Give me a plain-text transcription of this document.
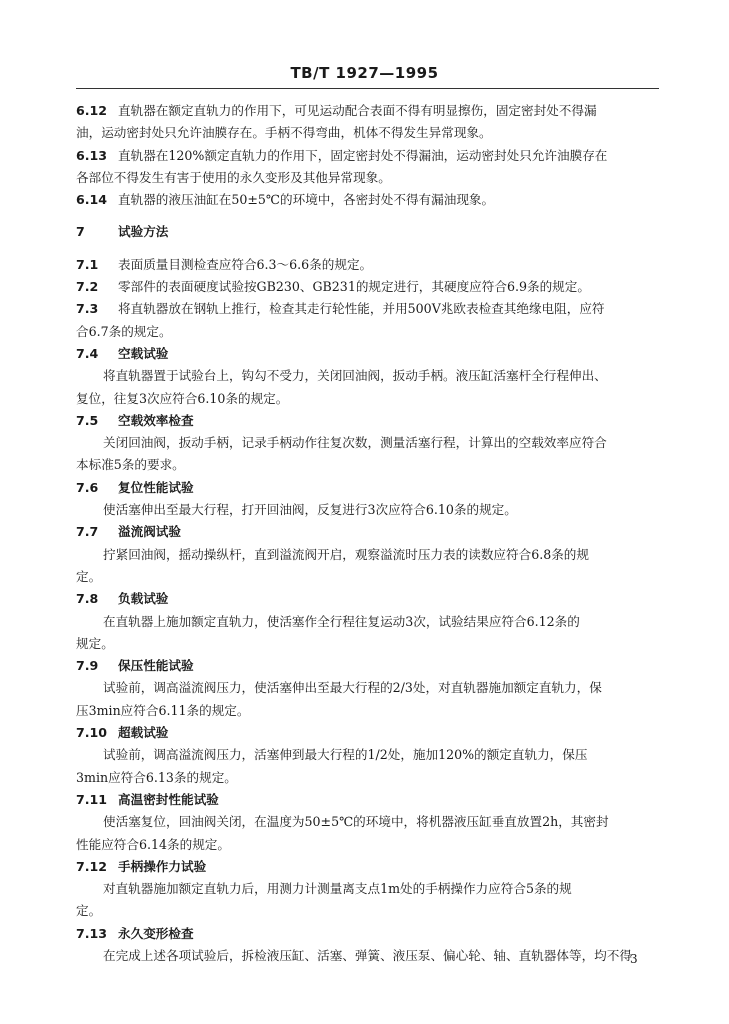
TB/T 1927—1995
6.12 直轨器在额定直轨力的作用下，可见运动配合表面不得有明显擦伤，固定密封处不得漏
油，运动密封处只允许油膜存在。手柄不得弯曲，机体不得发生异常现象。
6.13 直轨器在120%额定直轨力的作用下，固定密封处不得漏油，运动密封处只允许油膜存在
各部位不得发生有害于使用的永久变形及其他异常现象。
6.14 直轨器的液压油缸在50±5℃的环境中，各密封处不得有漏油现象。
7	试验方法
7.1 表面质量目测检查应符合6.3～6.6条的规定。
7.2 零部件的表面硬度试验按GB230、GB231的规定进行，其硬度应符合6.9条的规定。
7.3 将直轨器放在钢轨上推行，检查其走行轮性能，并用500V兆欧表检查其绝缘电阻，应符
合6.7条的规定。
7.4 空载试验
将直轨器置于试验台上，钩勾不受力，关闭回油阀，扳动手柄。液压缸活塞杆全行程伸出、
复位，往复3次应符合6.10条的规定。
7.5 空载效率检查
关闭回油阀，扳动手柄，记录手柄动作往复次数，测量活塞行程，计算出的空载效率应符合
本标准5条的要求。
7.6 复位性能试验
使活塞伸出至最大行程，打开回油阀，反复进行3次应符合6.10条的规定。
7.7 溢流阀试验
拧紧回油阀，摇动操纵杆，直到溢流阀开启，观察溢流时压力表的读数应符合6.8条的规
定。
7.8 负载试验
在直轨器上施加额定直轨力，使活塞作全行程往复运动3次，试验结果应符合6.12条的
规定。
7.9 保压性能试验
试验前，调高溢流阀压力，使活塞伸出至最大行程的2/3处，对直轨器施加额定直轨力，保
压3min应符合6.11条的规定。
7.10 超载试验
试验前，调高溢流阀压力，活塞伸到最大行程的1/2处，施加120%的额定直轨力，保压
3min应符合6.13条的规定。
7.11 高温密封性能试验
使活塞复位，回油阀关闭，在温度为50±5℃的环境中，将机器液压缸垂直放置2h，其密封
性能应符合6.14条的规定。
7.12 手柄操作力试验
对直轨器施加额定直轨力后，用测力计测量离支点1m处的手柄操作力应符合5条的规
定。
7.13 永久变形检查
在完成上述各项试验后，拆检液压缸、活塞、弹簧、液压泵、偏心轮、轴、直轨器体等，均不得
3
